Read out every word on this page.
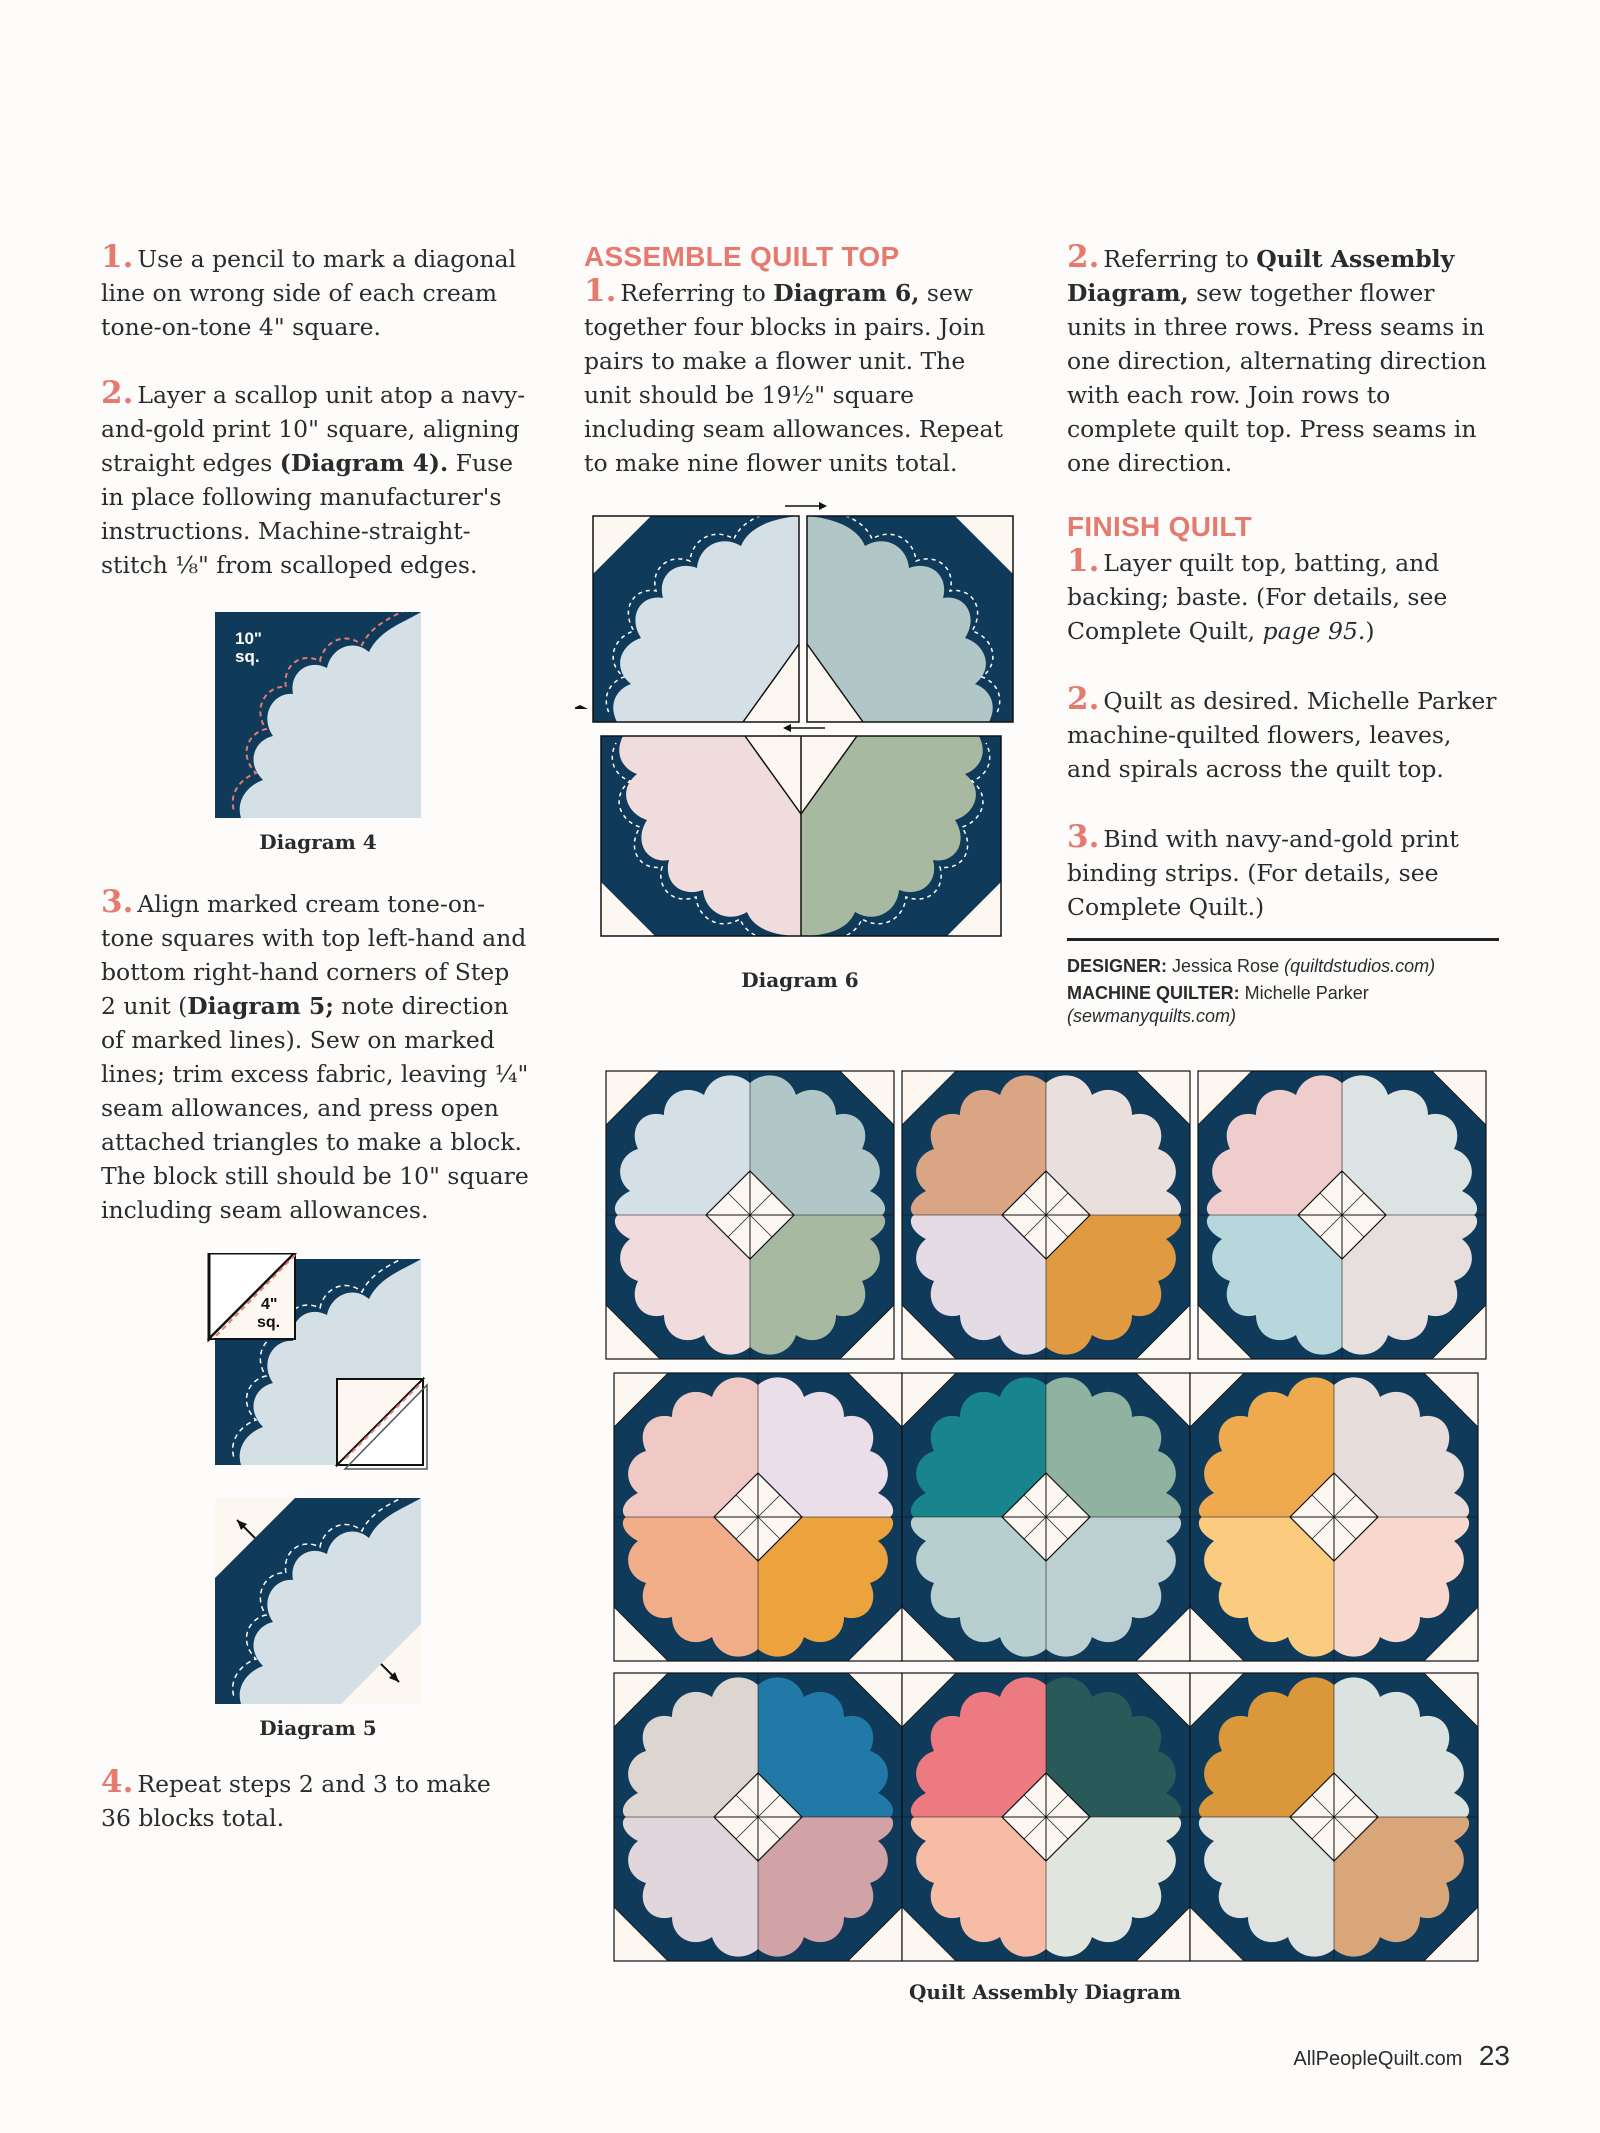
1. Use a pencil to mark a diagonal line on wrong side of each cream tone-on-tone 4" square.

2. Layer a scallop unit atop a navy-and-gold print 10" square, aligning straight edges (Diagram 4). Fuse in place following manufacturer's instructions. Machine-straight-stitch ⅛" from scalloped edges.

10"
sq.
Diagram 4

3. Align marked cream tone-on-tone squares with top left-hand and bottom right-hand corners of Step 2 unit (Diagram 5; note direction of marked lines). Sew on marked lines; trim excess fabric, leaving ¼" seam allowances, and press open attached triangles to make a block. The block still should be 10" square including seam allowances.

4"
sq.
Diagram 5

4. Repeat steps 2 and 3 to make 36 blocks total.

ASSEMBLE QUILT TOP

1. Referring to Diagram 6, sew together four blocks in pairs. Join pairs to make a flower unit. The unit should be 19½" square including seam allowances. Repeat to make nine flower units total.

Diagram 6

2. Referring to Quilt Assembly Diagram, sew together flower units in three rows. Press seams in one direction, alternating direction with each row. Join rows to complete quilt top. Press seams in one direction.

FINISH QUILT

1. Layer quilt top, batting, and backing; baste. (For details, see Complete Quilt, page 95.)

2. Quilt as desired. Michelle Parker machine-quilted flowers, leaves, and spirals across the quilt top.

3. Bind with navy-and-gold print binding strips. (For details, see Complete Quilt.)

DESIGNER: Jessica Rose (quiltdstudios.com)
MACHINE QUILTER: Michelle Parker
(sewmanyquilts.com)
Quilt Assembly Diagram
AllPeopleQuilt.com 23
